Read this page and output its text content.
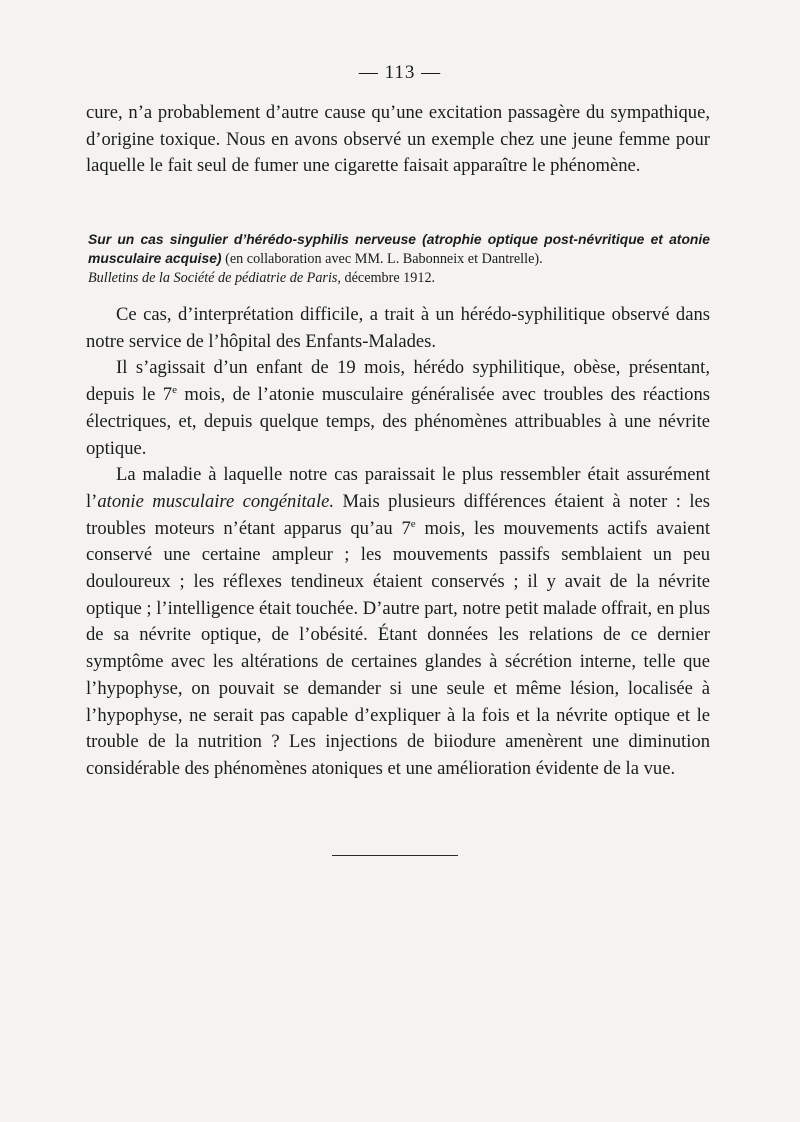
— 113 —

cure, n’a probablement d’autre cause qu’une excitation passagère du sympathique, d’origine toxique. Nous en avons observé un exemple chez une jeune femme pour laquelle le fait seul de fumer une cigarette faisait apparaître le phénomène.

Sur un cas singulier d’hérédo-syphilis nerveuse (atrophie optique post-névritique et atonie musculaire acquise) (en collaboration avec MM. L. Babonneix et Dantrelle).
Bulletins de la Société de pédiatrie de Paris, décembre 1912.

Ce cas, d’interprétation difficile, a trait à un hérédo-syphilitique observé dans notre service de l’hôpital des Enfants-Malades.

Il s’agissait d’un enfant de 19 mois, hérédo syphilitique, obèse, présentant, depuis le 7e mois, de l’atonie musculaire généralisée avec troubles des réactions électriques, et, depuis quelque temps, des phénomènes attribuables à une névrite optique.

La maladie à laquelle notre cas paraissait le plus ressembler était assurément l’atonie musculaire congénitale. Mais plusieurs différences étaient à noter : les troubles moteurs n’étant apparus qu’au 7e mois, les mouvements actifs avaient conservé une certaine ampleur ; les mouvements passifs semblaient un peu douloureux ; les réflexes tendineux étaient conservés ; il y avait de la névrite optique ; l’intelligence était touchée. D’autre part, notre petit malade offrait, en plus de sa névrite optique, de l’obésité. Étant données les relations de ce dernier symptôme avec les altérations de certaines glandes à sécrétion interne, telle que l’hypophyse, on pouvait se demander si une seule et même lésion, localisée à l’hypophyse, ne serait pas capable d’expliquer à la fois et la névrite optique et le trouble de la nutrition ? Les injections de biiodure amenèrent une diminution considérable des phénomènes atoniques et une amélioration évidente de la vue.
